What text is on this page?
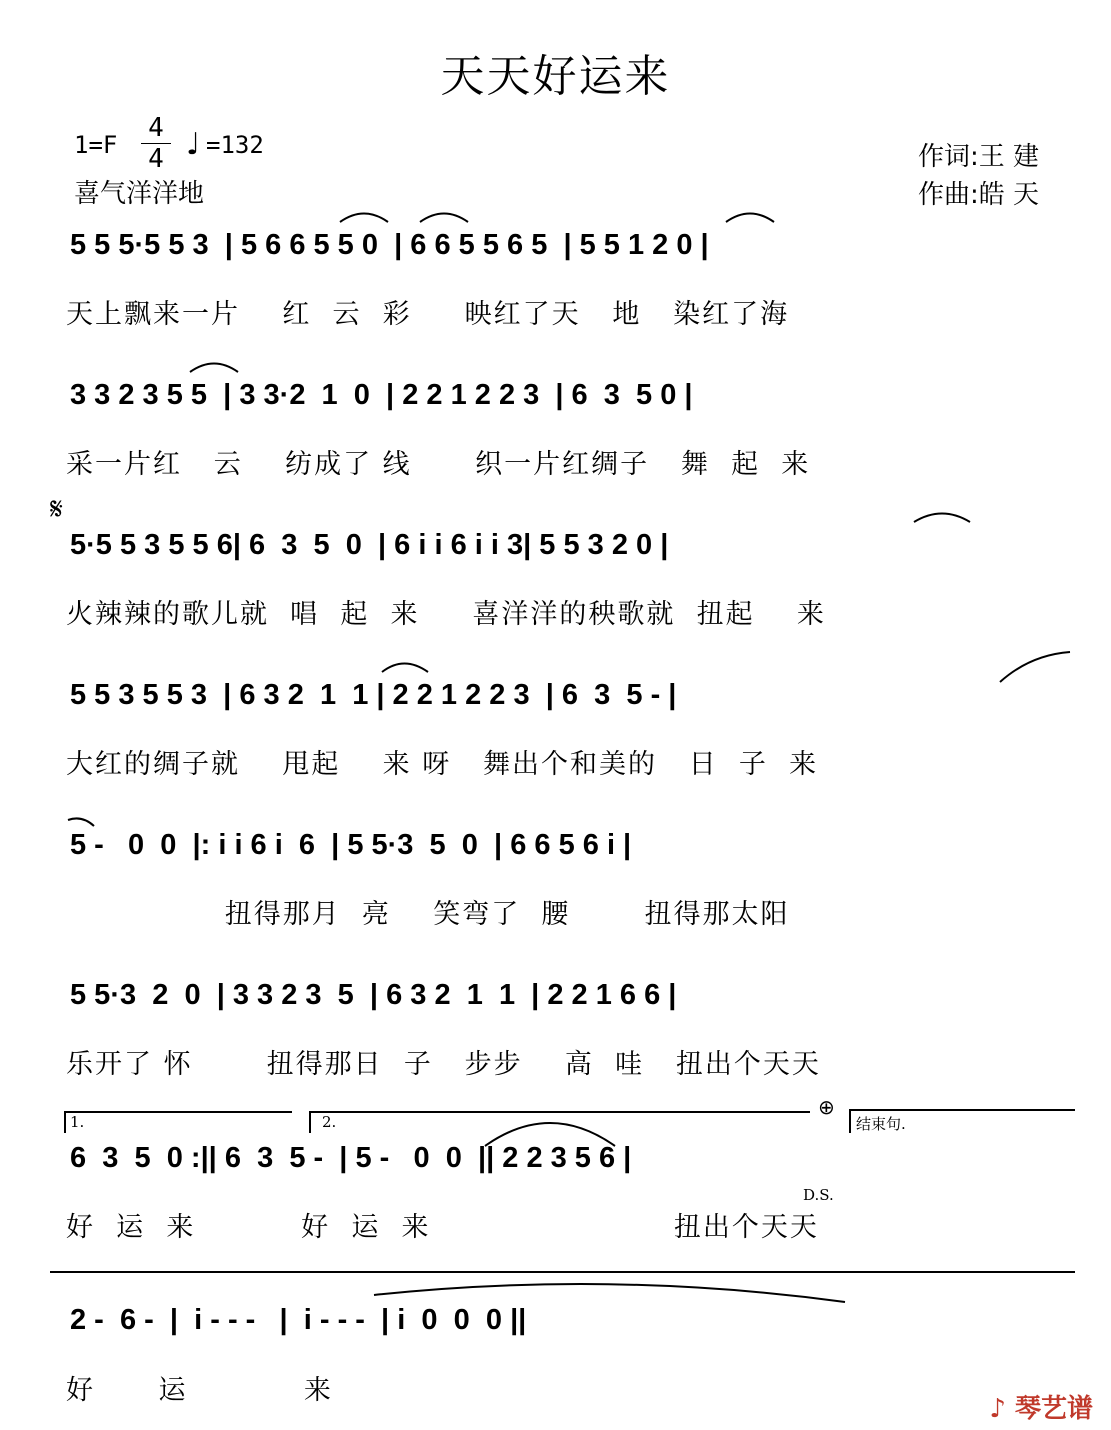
天天好运来
$1=F \frac{4}{4}$ ♩ =132
喜气洋洋地
作词:王 建
作曲:皓 天
5 5 5·5 5 3  | 5 6 6 5 5 0  | 6 6 5 5 6 5  | 5 5 1 2 0 |
天上飘来一片    红  云  彩     映红了天   地   染红了海
3 3 2 3 5 5  | 3 3·2  1  0  | 2 2 1 2 2 3  | 6  3  5 0 |
采一片红   云    纺成了 线      织一片红绸子   舞  起  来
𝄋
5·5 5 3 5 5 6| 6  3  5  0  | 6 i i 6 i i 3| 5 5 3 2 0 |
火辣辣的歌儿就  唱  起  来     喜洋洋的秧歌就  扭起    来
5 5 3 5 5 3  | 6 3 2  1  1 | 2 2 1 2 2 3  | 6  3  5 - |
大红的绸子就    甩起    来 呀   舞出个和美的   日  子  来
5 -   0  0  |: i i 6 i  6  | 5 5·3  5  0  | 6 6 5 6 i |
扭得那月  亮    笑弯了  腰       扭得那太阳
5 5·3  2  0  | 3 3 2 3  5  | 6 3 2  1  1  | 2 2 1 6 6 |
乐开了 怀       扭得那日  子   步步    高  哇   扭出个天天
1.	2.
⊕
结束句.
6  3  5  0 :|| 6  3  5 -  | 5 -   0  0  || 2 2 3 5 6 |
D.S.
好  运  来          好  运  来                       扭出个天天
2 -  6 -  |  i - - -   |  i - - -  | i  0  0  0 ||
好      运           来
♪ 琴艺谱
